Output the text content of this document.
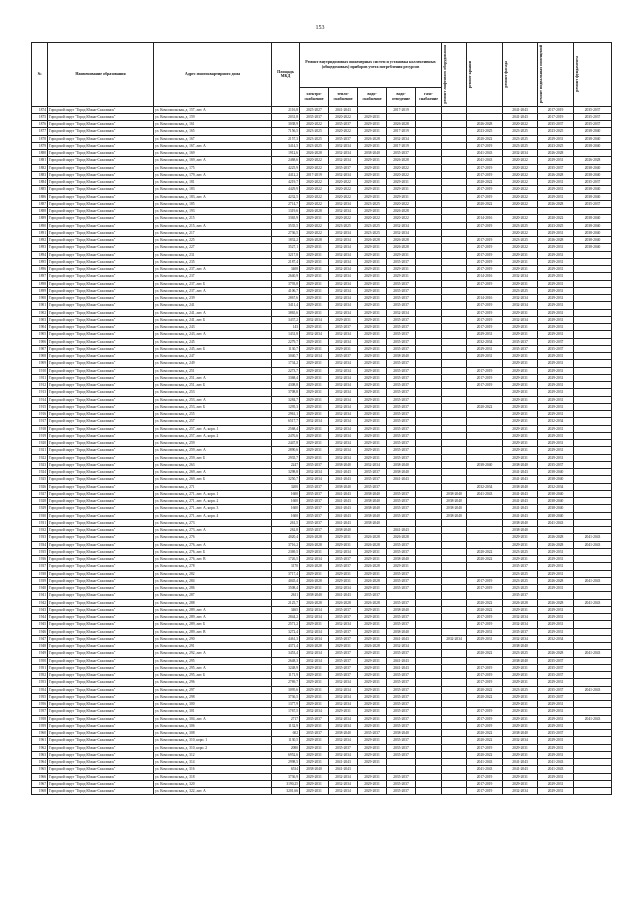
153
№	Наименование образования	Адрес многоквартирного дома	Площадь МКД	Ремонт внутридомовых инженерных систем и установка коллективных (общедомовых) приборов учета потребления ресурсов					ремонт лифтового оборудования	ремонт крыши	ремонт фасада	ремонт подвальных помещений	ремонт фундамента

				электро-снабжение	тепло-снабжение	водо-снабжение	водо-отведение	газо-снабжение					
1874	Городской округ "Город Южно-Сахалинск"	ул. Комсомольская, д. 157, лит. А	2116,8	2025-2027	2041-2043		2017-2019				2041-2043	2017-2019	2035-2037
1875	Городской округ "Город Южно-Сахалинск"	ул. Комсомольская, д. 159	2031,8	2035-2037	2020-2022	2029-2031					2041-2043	2017-2019	2035-2037
1876	Городской округ "Город Южно-Сахалинск"	ул. Комсомольская, д. 161	3038,9	2020-2022	2035-2037	2029-2031	2026-2028			2026-2028	2020-2022	2035-2037	2035-2037
1877	Городской округ "Город Южно-Сахалинск"	ул. Комсомольская, д. 165	7156,5	2023-2025	2020-2022	2029-2031	2017-2019			2023-2025	2023-2025	2023-2025	2038-2040
1878	Городской округ "Город Южно-Сахалинск"	ул. Комсомольская, д. 167	2157,3	2023-2025	2035-2037	2026-2028	2032-2034			2020-2022	2023-2025	2029-2031	2038-2040
1879	Городской округ "Город Южно-Сахалинск"	ул. Комсомольская, д. 167, лит. А	3414,5	2023-2025	2032-2034	2029-2031	2017-2019			2017-2019	2023-2025	2023-2025	2038-2040
1880	Городской округ "Город Южно-Сахалинск"	ул. Комсомольская, д. 169	1912,6	2026-2028	2032-2034	2038-2040	2035-2037			2041-2043	2032-2034	2026-2028	
1881	Городской округ "Город Южно-Сахалинск"	ул. Комсомольская, д. 169, лит. А	2468,6	2020-2022	2032-2034	2029-2031	2026-2028			2041-2043	2020-2022	2029-2031	2026-2028
1882	Городской округ "Город Южно-Сахалинск"	ул. Комсомольская, д. 175	4225,9	2020-2022	2035-2037	2029-2031	2020-2022			2017-2019	2020-2022	2035-2037	2038-2040
1883	Городской округ "Город Южно-Сахалинск"	ул. Комсомольская, д. 179, лит. А	4412,2	2017-2019	2032-2034	2029-2031	2020-2022			2017-2019	2020-2022	2026-2028	2038-2040
1884	Городской округ "Город Южно-Сахалинск"	ул. Комсомольская, д. 181	4219,7	2020-2022	2020-2022	2029-2031	2029-2031			2020-2022	2020-2022	2029-2031	2035-2037
1885	Городской округ "Город Южно-Сахалинск"	ул. Комсомольская, д. 183	4429,9	2020-2022	2020-2022	2029-2031	2029-2031			2017-2019	2020-2022	2029-2031	2038-2040
1886	Городской округ "Город Южно-Сахалинск"	ул. Комсомольская, д. 183, лит. А	4232,5	2020-2022	2020-2022	2029-2031	2029-2031			2017-2019	2020-2022	2029-2031	2038-2040
1887	Городской округ "Город Южно-Сахалинск"	ул. Комсомольская, д. 185	2714,7	2020-2022	2032-2034	2023-2025	2020-2022			2020-2022	2020-2022	2026-2028	2035-2037
1888	Городской округ "Город Южно-Сахалинск"	ул. Комсомольская, д. 193	1319,6	2026-2028	2032-2034	2029-2031	2026-2028						
1889	Городской округ "Город Южно-Сахалинск"	ул. Комсомольская, д. 215	3365,9	2029-2031	2020-2022	2020-2022	2020-2022			2014-2016	2020-2022	2020-2022	2038-2040
1890	Городской округ "Город Южно-Сахалинск"	ул. Комсомольская, д. 215, лит. А	3535,5	2020-2022	2023-2025	2023-2025	2032-2034			2017-2019	2023-2025	2023-2025	2038-2040
1891	Городской округ "Город Южно-Сахалинск"	ул. Комсомольская, д. 217	2736,5	2020-2022	2032-2034	2023-2025	2032-2034				2020-2022	2029-2031	2038-2040
1892	Городской округ "Город Южно-Сахалинск"	ул. Комсомольская, д. 225	1832,2	2026-2028	2032-2034	2026-2028	2026-2028			2017-2019	2023-2025	2026-2028	2038-2040
1893	Городской округ "Город Южно-Сахалинск"	ул. Комсомольская, д. 227	3527,1	2029-2031	2032-2034	2029-2031	2026-2028			2017-2019	2020-2022	2029-2031	2038-2040
1894	Городской округ "Город Южно-Сахалинск"	ул. Комсомольская, д. 231	3217,8	2029-2031	2032-2034	2029-2031	2029-2031			2017-2019	2029-2031	2029-2031	
1895	Городской округ "Город Южно-Сахалинск"	ул. Комсомольская, д. 235	2187,4	2029-2031	2032-2034	2029-2031	2035-2037			2017-2019	2029-2031	2029-2031	
1896	Городской округ "Город Южно-Сахалинск"	ул. Комсомольская, д. 237, лит. А	3408	2029-2031	2032-2034	2029-2031	2029-2031			2017-2019	2029-2031	2029-2031	
1897	Городской округ "Город Южно-Сахалинск"	ул. Комсомольская, д. 237	2640,9	2029-2031	2032-2034	2029-2031	2029-2031			2014-2016	2032-2034	2029-2031	
1898	Городской округ "Город Южно-Сахалинск"	ул. Комсомольская, д. 237, лит. Б	3793,8	2029-2031	2032-2034	2029-2031	2035-2037			2017-2019	2029-2031	2029-2031	
1899	Городской округ "Город Южно-Сахалинск"	ул. Комсомольская, д. 237, лит. А	4106,7	2029-2031	2032-2034	2029-2031	2035-2037				2023-2025	2029-2031	
1900	Городской округ "Город Южно-Сахалинск"	ул. Комсомольская, д. 239	2867,6	2029-2031	2032-2034	2029-2031	2035-2037			2014-2016	2032-2034	2029-2031	
1901	Городской округ "Город Южно-Сахалинск"	ул. Комсомольская, д. 241	3411,4	2029-2031	2032-2034	2029-2031	2035-2037			2017-2019	2032-2034	2029-2031	
1902	Городской округ "Город Южно-Сахалинск"	ул. Комсомольская, д. 241, лит. А	3865,6	2029-2031	2032-2034	2029-2031	2032-2034			2017-2019	2029-2031	2029-2031	
1903	Городской округ "Город Южно-Сахалинск"	ул. Комсомольская, д. 241, лит. Б	3437,2	2032-2034	2029-2031	2029-2031	2035-2037			2017-2019	2032-2034	2029-2031	
1904	Городской округ "Город Южно-Сахалинск"	ул. Комсомольская, д. 243	143	2029-2031	2035-2037	2029-2031	2035-2037			2017-2019	2029-2031	2029-2031	
1905	Городской округ "Город Южно-Сахалинск"	ул. Комсомольская, д. 243, лит. А	1431,8	2032-2034	2032-2034	2029-2031	2035-2037			2029-2031	2029-2031	2029-2031	
1906	Городской округ "Город Южно-Сахалинск"	ул. Комсомольская, д. 245	2279,7	2029-2031	2032-2034	2029-2031	2035-2037			2032-2034	2035-2037	2035-2037	
1907	Городской округ "Город Южно-Сахалинск"	ул. Комсомольская, д. 245, лит. Б	1130,7	2029-2031	2029-2031	2029-2031	2035-2037			2029-2031	2035-2037	2035-2037	
1908	Городской округ "Город Южно-Сахалинск"	ул. Комсомольская, д. 247	3040,7	2032-2034	2035-2037	2029-2031	2038-2040			2029-2031	2029-2031	2029-2031	
1909	Городской округ "Город Южно-Сахалинск"	ул. Комсомольская, д. 249	1734,2	2029-2031	2032-2034	2029-2031	2035-2037				2029-2031	2029-2031	
1910	Городской округ "Город Южно-Сахалинск"	ул. Комсомольская, д. 251	2273,7	2029-2031	2032-2034	2029-2031	2035-2037			2017-2019	2029-2031	2029-2031	
1911	Городской округ "Город Южно-Сахалинск"	ул. Комсомольская, д. 251, лит. А	3368,4	2029-2031	2032-2034	2029-2031	2035-2037			2017-2019	2029-2031	2029-2031	
1912	Городской округ "Город Южно-Сахалинск"	ул. Комсомольская, д. 251, лит. Б	4308,8	2029-2031	2032-2034	2029-2031	2035-2037			2017-2019	2029-2031	2029-2031	
1913	Городской округ "Город Южно-Сахалинск"	ул. Комсомольская, д. 253	3708,8	2029-2031	2032-2034	2029-2031	2035-2037				2029-2031	2029-2031	
1914	Городской округ "Город Южно-Сахалинск"	ул. Комсомольская, д. 253, лит. А	3284,7	2029-2031	2032-2034	2029-2031	2035-2037				2029-2031	2029-2031	
1915	Городской округ "Город Южно-Сахалинск"	ул. Комсомольская, д. 253, лит. Б	1295,3	2029-2031	2032-2034	2029-2031	2035-2037			2020-2022	2029-2031	2029-2031	
1916	Городской округ "Город Южно-Сахалинск"	ул. Комсомольская, д. 255	2961,1	2029-2031	2032-2034	2029-2031	2035-2037				2029-2031	2029-2031	
1917	Городской округ "Город Южно-Сахалинск"	ул. Комсомольская, д. 257	6517,7	2032-2034	2032-2034	2029-2031	2035-2037				2029-2031	2032-2034	
1918	Городской округ "Город Южно-Сахалинск"	ул. Комсомольская, д. 257, лит. А, корп. 1	2568,4	2029-2031	2032-2034	2029-2031	2035-2037				2029-2031	2029-2031	
1919	Городской округ "Город Южно-Сахалинск"	ул. Комсомольская, д. 257, лит. А, корп. 2	2476,6	2029-2031	2032-2034	2029-2031	2035-2037				2029-2031	2029-2031	
1920	Городской округ "Город Южно-Сахалинск"	ул. Комсомольская, д. 259	2447,8	2029-2031	2032-2034	2029-2031	2035-2037				2029-2031	2029-2031	
1921	Городской округ "Город Южно-Сахалинск"	ул. Комсомольская, д. 259, лит. А	2890,6	2029-2031	2032-2034	2029-2031	2035-2037				2029-2031	2029-2031	
1922	Городской округ "Город Южно-Сахалинск"	ул. Комсомольская, д. 259, лит. Б	2935,7	2029-2031	2032-2034	2029-2031	2035-2037				2029-2031	2029-2031	
1923	Городской округ "Город Южно-Сахалинск"	ул. Комсомольская, д. 263	2247	2035-2037	2038-2040	2032-2034	2038-2040			2038-2040	2038-2040	2035-2037	
1924	Городской округ "Город Южно-Сахалинск"	ул. Комсомольская, д. 269, лит. А	3298,8	2032-2034	2041-2043	2035-2037	2038-2040				2041-2043	2038-2040	
1925	Городской округ "Город Южно-Сахалинск"	ул. Комсомольская, д. 269, лит. Б	3250,7	2032-2034	2041-2043	2035-2037	2041-2043				2041-2043	2038-2040	
1926	Городской округ "Город Южно-Сахалинск"	ул. Комсомольская, д. 271	3200	2035-2037	2038-2040	2035-2037				2032-2034	2038-2040	2032-2034	
1927	Городской округ "Город Южно-Сахалинск"	ул. Комсомольская, д. 271, лит. А, корп. 1	1600	2035-2037	2041-2043	2038-2040	2035-2037		2038-2040	2041-2043	2041-2043	2038-2040	
1928	Городской округ "Город Южно-Сахалинск"	ул. Комсомольская, д. 271, лит. А, корп. 2	1600	2035-2037	2041-2043	2038-2040	2035-2037		2038-2040		2041-2043	2038-2040	
1929	Городской округ "Город Южно-Сахалинск"	ул. Комсомольская, д. 271, лит. А, корп. 3	1600	2035-2037	2041-2043	2038-2040	2035-2037		2038-2040		2041-2043	2038-2040	
1930	Городской округ "Город Южно-Сахалинск"	ул. Комсомольская, д. 271, лит. А, корп. 4	1600	2035-2037	2041-2043	2038-2040	2035-2037		2038-2040		2041-2043	2038-2040	
1931	Городской округ "Город Южно-Сахалинск"	ул. Комсомольская, д. 273	261,5	2035-2037	2041-2043	2038-2040					2038-2040	2041-2043	
1932	Городской округ "Город Южно-Сахалинск"	ул. Комсомольская, д. 273, лит. А	262,8	2035-2037	2038-2040		2041-2043				2038-2040		
1933	Городской округ "Город Южно-Сахалинск"	ул. Комсомольская, д. 276	4020,4	2026-2028	2029-2031	2026-2028	2026-2028				2029-2031	2026-2028	2041-2043
1934	Городской округ "Город Южно-Сахалинск"	ул. Комсомольская, д. 276, лит. А	3716,2	2026-2028	2029-2031	2026-2028	2035-2037				2029-2031	2026-2028	2041-2043
1935	Городской округ "Город Южно-Сахалинск"	ул. Комсомольская, д. 276, лит. Б	2369,5	2029-2031	2032-2034	2029-2031	2035-2037			2020-2022	2023-2025	2029-2031	
1936	Городской округ "Город Южно-Сахалинск"	ул. Комсомольская, д. 276, лит. В	1726,5	2032-2034	2035-2037	2029-2031	2038-2040			2020-2022	2029-2031	2029-2031	
1937	Городской округ "Город Южно-Сахалинск"	ул. Комсомольская, д. 278	3170	2026-2028	2035-2037	2026-2028	2029-2031				2035-2037	2029-2031	
1938	Городской округ "Город Южно-Сахалинск"	ул. Комсомольская, д. 282	3717,4	2029-2031	2029-2031	2029-2031	2035-2037				2023-2025	2029-2031	
1939	Городской округ "Город Южно-Сахалинск"	ул. Комсомольская, д. 284	4045,4	2026-2028	2029-2031	2026-2028	2035-2037			2017-2019	2023-2025	2026-2028	2041-2043
1940	Городской округ "Город Южно-Сахалинск"	ул. Комсомольская, д. 286	3508,4	2029-2031	2032-2034	2029-2031	2035-2037			2017-2019	2023-2025	2029-2031	
1941	Городской округ "Город Южно-Сахалинск"	ул. Комсомольская, д. 287	2611	2038-2040	2041-2043	2035-2037					2035-2037		
1942	Городской округ "Город Южно-Сахалинск"	ул. Комсомольская, д. 288	2125,7	2026-2028	2026-2028	2026-2028	2035-2037			2020-2022	2026-2028	2026-2028	2041-2043
1943	Городской округ "Город Южно-Сахалинск"	ул. Комсомольская, д. 289, лит. А	3465	2032-2034	2035-2037	2029-2031	2038-2040			2020-2022	2029-2031	2029-2031	
1944	Городской округ "Город Южно-Сахалинск"	ул. Комсомольская, д. 289, лит. А	2844,2	2032-2034	2035-2037	2029-2031	2035-2037			2017-2019	2032-2034	2029-2031	
1945	Городской округ "Город Южно-Сахалинск"	ул. Комсомольская, д. 289, лит. Б	2571,2	2029-2031	2032-2034	2029-2031	2035-2037			2017-2019	2032-2034	2029-2031	
1946	Городской округ "Город Южно-Сахалинск"	ул. Комсомольская, д. 289, лит. В	3272,4	2032-2034	2035-2037	2029-2031	2038-2040			2029-2031	2035-2037	2029-2031	
1947	Городской округ "Город Южно-Сахалинск"	ул. Комсомольская, д. 290	4461,3	2032-2034	2035-2037	2029-2031	2041-2043		2032-2034	2029-2031	2032-2034	2032-2034	
1948	Городской округ "Город Южно-Сахалинск"	ул. Комсомольская, д. 291	4371,4	2026-2028	2029-2031	2026-2028	2032-2034				2038-2040		
1949	Городской округ "Город Южно-Сахалинск"	ул. Комсомольская, д. 292, лит. А	3453,4	2032-2034	2035-2037	2029-2031	2035-2037			2020-2022	2023-2025	2026-2028	2041-2043
1950	Городской округ "Город Южно-Сахалинск"	ул. Комсомольская, д. 295	2648,3	2032-2034	2035-2037	2029-2031	2041-2043				2038-2040	2035-2037	
1951	Городской округ "Город Южно-Сахалинск"	ул. Комсомольская, д. 295, лит. А	3248,9	2029-2031	2035-2037	2029-2031	2041-2043			2017-2019	2029-2031	2035-2037	
1952	Городской округ "Город Южно-Сахалинск"	ул. Комсомольская, д. 295, лит. Б	1171,9	2029-2031	2035-2037	2029-2031	2035-2037			2017-2019	2029-2031	2035-2037	
1953	Городской округ "Город Южно-Сахалинск"	ул. Комсомольская, д. 296	2769,7	2029-2031	2032-2034	2029-2031	2035-2037			2017-2019	2029-2031	2029-2031	
1954	Городской округ "Город Южно-Сахалинск"	ул. Комсомольская, д. 297	3095,6	2029-2031	2032-2034	2029-2031	2035-2037			2020-2022	2023-2025	2035-2037	2041-2043
1955	Городской округ "Город Южно-Сахалинск"	ул. Комсомольская, д. 298	3736,5	2029-2031	2032-2034	2029-2031	2035-2037			2020-2022	2029-2031	2035-2037	
1956	Городской округ "Город Южно-Сахалинск"	ул. Комсомольская, д. 300	1377,9	2029-2031	2032-2034	2029-2031	2035-2037				2029-2031	2029-2031	
1957	Городской округ "Город Южно-Сахалинск"	ул. Комсомольская, д. 301	1767,5	2032-2034	2029-2031	2029-2031	2035-2037			2017-2019	2029-2031	2029-2031	
1958	Городской округ "Город Южно-Сахалинск"	ул. Комсомольская, д. 304, лит. А	2717	2035-2037	2032-2034	2029-2031	2035-2037			2017-2019	2029-2031	2029-2031	2041-2043
1959	Городской округ "Город Южно-Сахалинск"	ул. Комсомольская, д. 306	1132,9	2029-2031	2032-2034	2029-2031	2035-2037			2017-2019	2029-2031	2029-2031	
1960	Городской округ "Город Южно-Сахалинск"	ул. Комсомольская, д. 308	602	2035-2037	2038-2040	2035-2037	2038-2040			2020-2022	2038-2040	2035-2037	
1961	Городской округ "Город Южно-Сахалинск"	ул. Комсомольская, д. 310, корп. 1	1130,5	2029-2031	2032-2034	2029-2031	2035-2037			2020-2022	2032-2034	2029-2031	
1962	Городской округ "Город Южно-Сахалинск"	ул. Комсомольская, д. 310, корп. 2	2080	2029-2031	2035-2037	2029-2031	2035-2037			2017-2019	2029-2031	2029-2031	
1963	Городской округ "Город Южно-Сахалинск"	ул. Комсомольская, д. 312	6952,6	2029-2031	2032-2034	2029-2031	2035-2037			2020-2022	2029-2031	2029-2031	
1964	Городской округ "Город Южно-Сахалинск"	ул. Комсомольская, д. 314	2998,5	2029-2031	2041-2043	2029-2031				2041-2043	2041-2043	2041-2043	
1965	Городской округ "Город Южно-Сахалинск"	ул. Комсомольская, д. 316	6534	2038-2040	2041-2043					2041-2043	2041-2043	2041-2043	
1966	Городской округ "Город Южно-Сахалинск"	ул. Комсомольская, д. 318	3736,9	2029-2031	2032-2034	2029-2031	2035-2037			2017-2019	2029-2031	2029-2031	
1967	Городской округ "Город Южно-Сахалинск"	ул. Комсомольская, д. 320	3190,25	2029-2031	2032-2034	2029-2031	2035-2037			2017-2019	2029-2031	2029-2031	
1968	Городской округ "Город Южно-Сахалинск"	ул. Комсомольская, д. 322, лит. А	3201,66	2029-2031	2032-2034	2029-2031	2035-2037			2017-2019	2032-2034	2029-2031	
